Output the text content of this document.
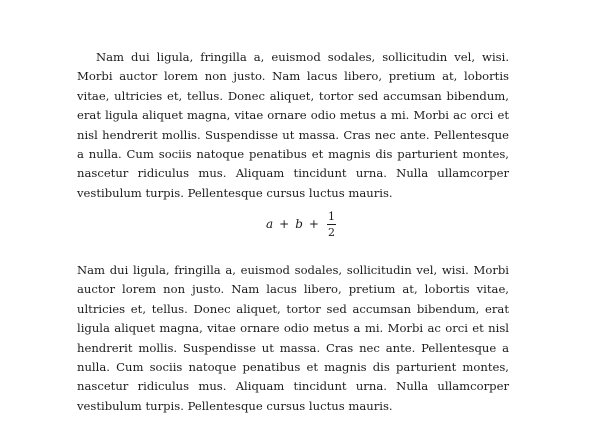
Nam dui ligula, fringilla a, euismod sodales, sollicitudin vel, wisi. Morbi auctor lorem non justo. Nam lacus libero, pretium at, lobortis vitae, ultricies et, tellus. Donec aliquet, tortor sed accumsan bibendum, erat ligula aliquet magna, vitae ornare odio metus a mi. Morbi ac orci et nisl hendrerit mollis. Suspendisse ut massa. Cras nec ante. Pellentesque a nulla. Cum sociis natoque penatibus et magnis dis parturient montes, nascetur ridiculus mus. Aliquam tincidunt urna. Nulla ullamcorper vestibulum turpis. Pellentesque cursus luctus mauris.

$a + b + \frac{1}{2}$

Nam dui ligula, fringilla a, euismod sodales, sollicitudin vel, wisi. Morbi auctor lorem non justo. Nam lacus libero, pretium at, lobortis vitae, ultricies et, tellus. Donec aliquet, tortor sed accumsan bibendum, erat ligula aliquet magna, vitae ornare odio metus a mi. Morbi ac orci et nisl hendrerit mollis. Suspendisse ut massa. Cras nec ante. Pellentesque a nulla. Cum sociis natoque penatibus et magnis dis parturient montes, nascetur ridiculus mus. Aliquam tincidunt urna. Nulla ullamcorper vestibulum turpis. Pellentesque cursus luctus mauris.
